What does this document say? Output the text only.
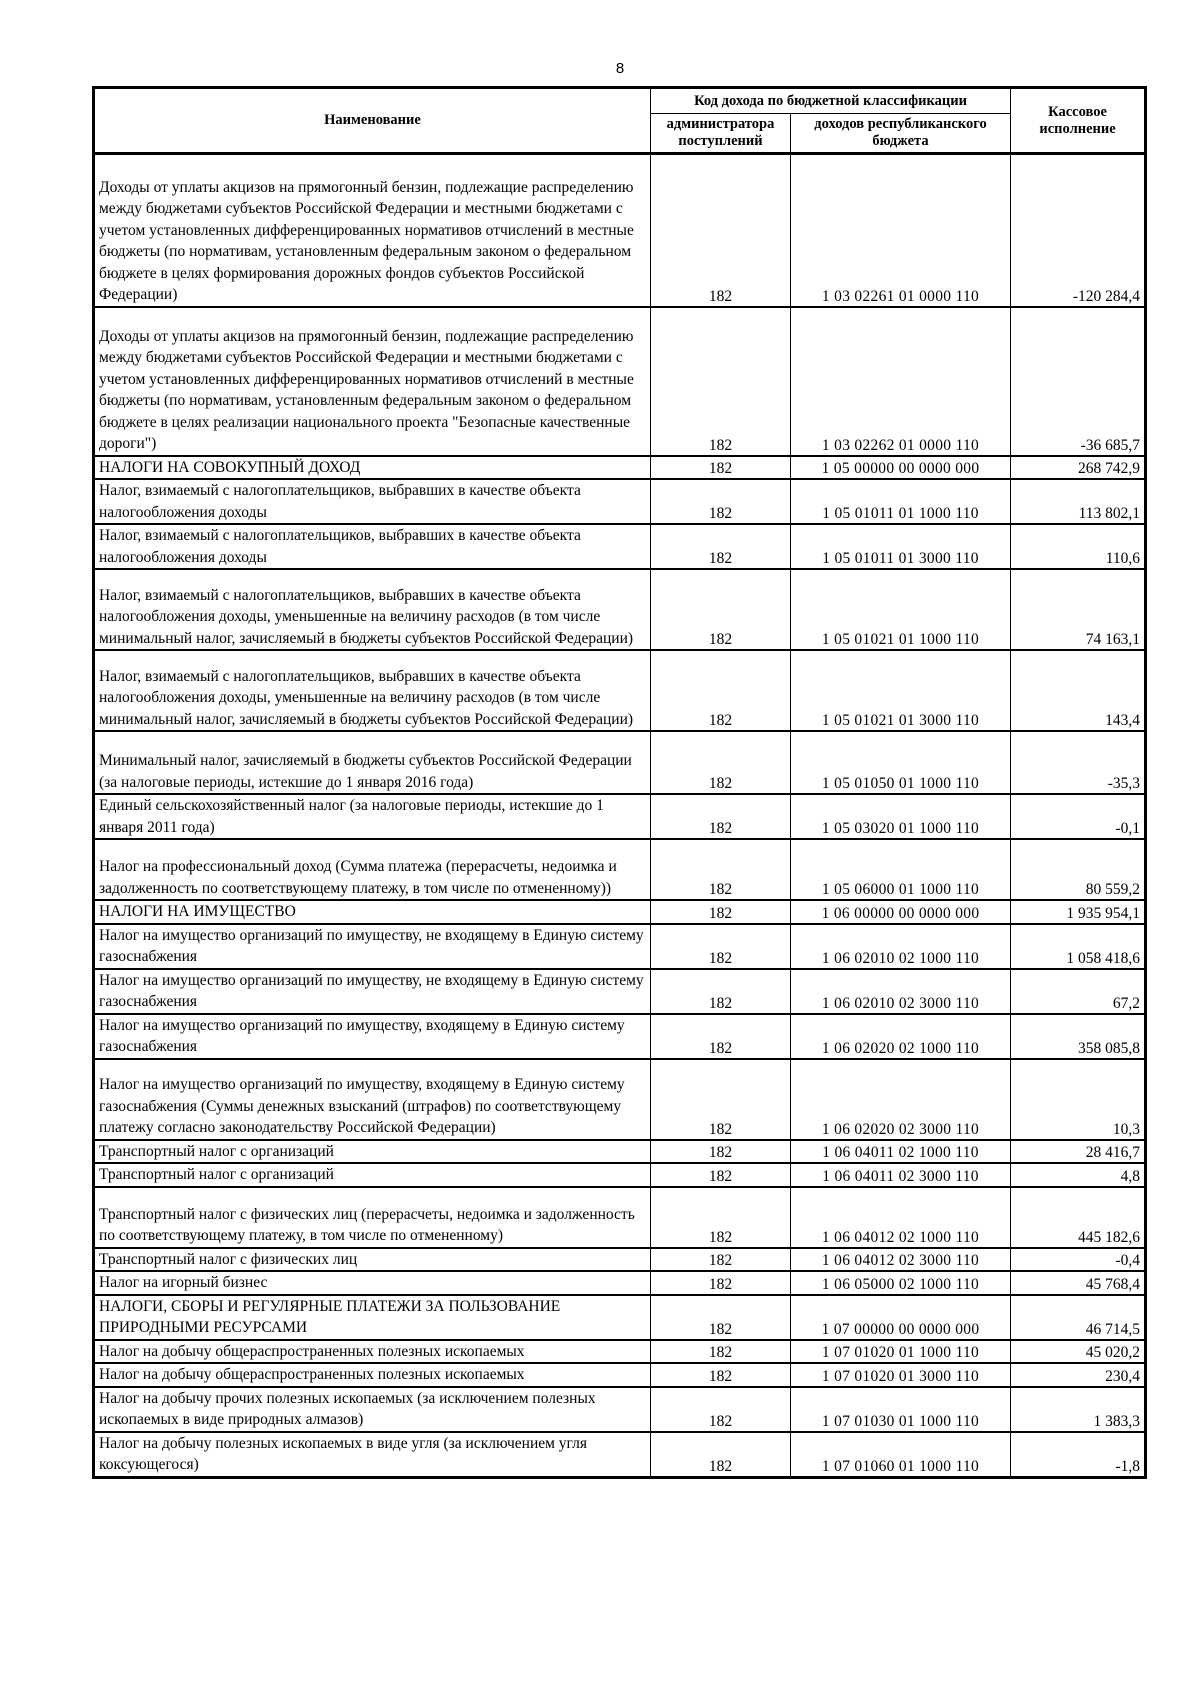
8
Наименование	Код дохода по бюджетной классификации		Кассовое исполнение
	администратора поступлений	доходов республиканского бюджета	
Доходы от уплаты акцизов на прямогонный бензин, подлежащие распределению между бюджетами субъектов Российской Федерации и местными бюджетами с учетом установленных дифференцированных нормативов отчислений в местные бюджеты (по нормативам, установленным федеральным законом о федеральном бюджете в целях формирования дорожных фондов субъектов Российской Федерации)	182	1 03 02261 01 0000 110	-120 284,4
Доходы от уплаты акцизов на прямогонный бензин, подлежащие распределению между бюджетами субъектов Российской Федерации и местными бюджетами с учетом установленных дифференцированных нормативов отчислений в местные бюджеты (по нормативам, установленным федеральным законом о федеральном бюджете в целях реализации национального проекта "Безопасные качественные дороги")	182	1 03 02262 01 0000 110	-36 685,7
НАЛОГИ НА СОВОКУПНЫЙ ДОХОД	182	1 05 00000 00 0000 000	268 742,9
Налог, взимаемый с налогоплательщиков, выбравших в качестве объекта налогообложения доходы	182	1 05 01011 01 1000 110	113 802,1
Налог, взимаемый с налогоплательщиков, выбравших в качестве объекта налогообложения доходы	182	1 05 01011 01 3000 110	110,6
Налог, взимаемый с налогоплательщиков, выбравших в качестве объекта налогообложения доходы, уменьшенные на величину расходов (в том числе минимальный налог, зачисляемый в бюджеты субъектов Российской Федерации)	182	1 05 01021 01 1000 110	74 163,1
Налог, взимаемый с налогоплательщиков, выбравших в качестве объекта налогообложения доходы, уменьшенные на величину расходов (в том числе минимальный налог, зачисляемый в бюджеты субъектов Российской Федерации)	182	1 05 01021 01 3000 110	143,4
Минимальный налог, зачисляемый в бюджеты субъектов Российской Федерации (за налоговые периоды, истекшие до 1 января 2016 года)	182	1 05 01050 01 1000 110	-35,3
Единый сельскохозяйственный налог (за налоговые периоды, истекшие до 1 января 2011 года)	182	1 05 03020 01 1000 110	-0,1
Налог на профессиональный доход (Сумма платежа (перерасчеты, недоимка и задолженность по соответствующему платежу, в том числе по отмененному))	182	1 05 06000 01 1000 110	80 559,2
НАЛОГИ НА ИМУЩЕСТВО	182	1 06 00000 00 0000 000	1 935 954,1
Налог на имущество организаций по имуществу, не входящему в Единую систему газоснабжения	182	1 06 02010 02 1000 110	1 058 418,6
Налог на имущество организаций по имуществу, не входящему в Единую систему газоснабжения	182	1 06 02010 02 3000 110	67,2
Налог на имущество организаций по имуществу, входящему в Единую систему газоснабжения	182	1 06 02020 02 1000 110	358 085,8
Налог на имущество организаций по имуществу, входящему в Единую систему газоснабжения (Суммы денежных взысканий (штрафов) по соответствующему платежу согласно законодательству Российской Федерации)	182	1 06 02020 02 3000 110	10,3
Транспортный налог с организаций	182	1 06 04011 02 1000 110	28 416,7
Транспортный налог с организаций	182	1 06 04011 02 3000 110	4,8
Транспортный налог с физических лиц (перерасчеты, недоимка и задолженность по соответствующему платежу, в том числе по отмененному)	182	1 06 04012 02 1000 110	445 182,6
Транспортный налог с физических лиц	182	1 06 04012 02 3000 110	-0,4
Налог на игорный бизнес	182	1 06 05000 02 1000 110	45 768,4
НАЛОГИ, СБОРЫ И РЕГУЛЯРНЫЕ ПЛАТЕЖИ ЗА ПОЛЬЗОВАНИЕ ПРИРОДНЫМИ РЕСУРСАМИ	182	1 07 00000 00 0000 000	46 714,5
Налог на добычу общераспространенных полезных ископаемых	182	1 07 01020 01 1000 110	45 020,2
Налог на добычу общераспространенных полезных ископаемых	182	1 07 01020 01 3000 110	230,4
Налог на добычу прочих полезных ископаемых (за исключением полезных ископаемых в виде природных алмазов)	182	1 07 01030 01 1000 110	1 383,3
Налог на добычу полезных ископаемых в виде угля (за исключением угля коксующегося)	182	1 07 01060 01 1000 110	-1,8
